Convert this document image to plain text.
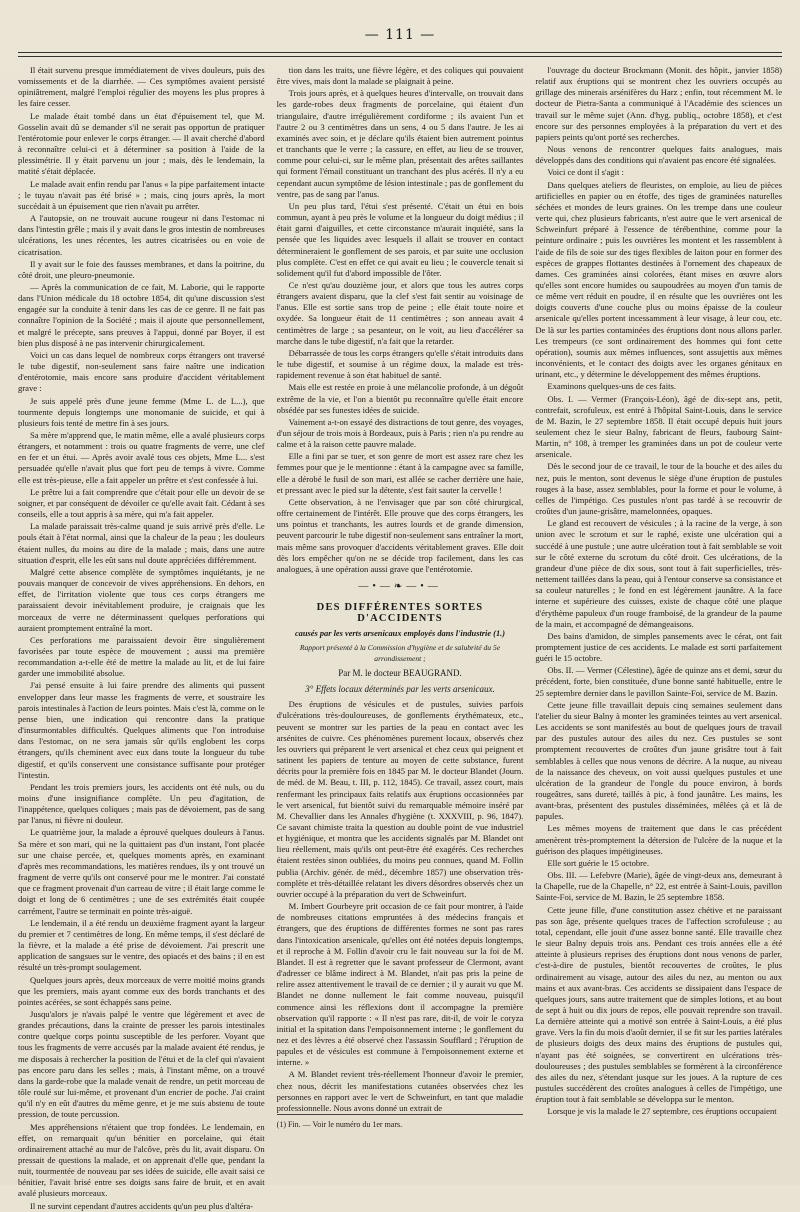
— 111 —

Il était survenu presque immédiatement de vives douleurs, puis des vomissements et de la diarrhée. — Ces symptômes avaient persisté opiniâtrement, malgré l'emploi régulier des moyens les plus propres à les faire cesser.

Le malade était tombé dans un état d'épuisement tel, que M. Gosselin avait dû se demander s'il ne serait pas opportun de pratiquer l'entérotomie pour enlever le corps étranger. — Il avait cherché d'abord à reconnaître celui-ci et à déterminer sa position à l'aide de la plessimétrie. Il y était parvenu un jour ; mais, dès le lendemain, la matité s'était déplacée.

Le malade avait enfin rendu par l'anus « la pipe parfaitement intacte ; le tuyau n'avait pas été brisé » ; mais, cinq jours après, la mort succédait à un épuisement que rien n'avait pu arrêter.

A l'autopsie, on ne trouvait aucune rougeur ni dans l'estomac ni dans l'intestin grêle ; mais il y avait dans le gros intestin de nombreuses ulcérations, les unes récentes, les autres cicatrisées ou en voie de cicatrisation.

Il y avait sur le foie des fausses membranes, et dans la poitrine, du côté droit, une pleuro-pneumonie.

— Après la communication de ce fait, M. Laborie, qui le rapporte dans l'Union médicale du 18 octobre 1854, dit qu'une discussion s'est engagée sur la conduite à tenir dans les cas de ce genre. Il ne fait pas connaître l'opinion de la Société ; mais il ajoute que personnellement, et malgré le précepte, sans preuves à l'appui, donné par Boyer, il est bien plus disposé à ne pas intervenir chirurgicalement.

Voici un cas dans lequel de nombreux corps étrangers ont traversé le tube digestif, non-seulement sans faire naître une indication d'entérotomie, mais encore sans produire d'accident véritablement grave :

Je suis appelé près d'une jeune femme (Mme L. de L...), que tourmente depuis longtemps une monomanie de suicide, et qui à plusieurs fois tenté de mettre fin à ses jours.

Sa mère m'apprend que, le matin même, elle a avalé plusieurs corps étrangers, et notamment : trois ou quatre fragments de verre, une clef en fer et un étui. — Après avoir avalé tous ces objets, Mme L... s'est persuadée qu'elle n'avait plus que fort peu de temps à vivre. Comme elle est très-pieuse, elle a fait appeler un prêtre et s'est confessée à lui.

Le prêtre lui a fait comprendre que c'était pour elle un devoir de se soigner, et par conséquent de dévoiler ce qu'elle avait fait. Cédant à ses conseils, elle a tout appris à sa mère, qui m'a fait appeler.

La malade paraissait très-calme quand je suis arrivé près d'elle. Le pouls était à l'état normal, ainsi que la chaleur de la peau ; les douleurs étaient nulles, du moins au dire de la malade ; mais, dans une autre situation d'esprit, elle les eût sans nul doute appréciées différemment.

Malgré cette absence complète de symptômes inquiétants, je ne pouvais manquer de concevoir de vives appréhensions. En dehors, en effet, de l'irritation violente que tous ces corps étrangers me paraissaient devoir inévitablement produire, je craignais que les morceaux de verre ne déterminassent quelques perforations qui auraient promptement entraîné la mort.

Ces perforations me paraissaient devoir être singulièrement favorisées par toute espèce de mouvement ; aussi ma première recommandation a-t-elle été de mettre la malade au lit, et de lui faire garder une immobilité absolue.

J'ai pensé ensuite à lui faire prendre des aliments qui pussent envelopper dans leur masse les fragments de verre, et soustraire les parois intestinales à l'action de leurs pointes. Mais c'est là, comme on le pense bien, une indication qui rencontre dans la pratique d'insurmontables difficultés. Quelques aliments que l'on introduise dans l'estomac, on ne sera jamais sûr qu'ils englobent les corps étrangers, qu'ils cheminent avec eux dans toute la longueur du tube digestif, et qu'ils conservent une consistance suffisante pour protéger l'intestin.

Pendant les trois premiers jours, les accidents ont été nuls, ou du moins d'une insignifiance complète. Un peu d'agitation, de l'inappétence, quelques coliques ; mais pas de dévoiement, pas de sang par l'anus, ni fièvre ni douleur.

Le quatrième jour, la malade a éprouvé quelques douleurs à l'anus. Sa mère et son mari, qui ne la quittaient pas d'un instant, l'ont placée sur une chaise percée, et, quelques moments après, en examinant d'après mes recommandations, les matières rendues, ils y ont trouvé un fragment de verre qu'ils ont conservé pour me le montrer. J'ai constaté que ce fragment provenait d'un carreau de vitre ; il était large comme le doigt et long de 6 centimètres ; une de ses extrémités était coupée carrément, l'autre se terminait en pointe très-aiguë.

Le lendemain, il a été rendu un deuxième fragment ayant la largeur du premier et 7 centimètres de long. En même temps, il s'est déclaré de la fièvre, et la malade a été prise de dévoiement. J'ai prescrit une application de sangsues sur le ventre, des opiacés et des bains ; il en est résulté un très-prompt soulagement.

Quelques jours après, deux morceaux de verre moitié moins grands que les premiers, mais ayant comme eux des bords tranchants et des pointes acérées, se sont échappés sans peine.

Jusqu'alors je n'avais palpé le ventre que légèrement et avec de grandes précautions, dans la crainte de presser les parois intestinales contre quelque corps pointu susceptible de les perforer. Voyant que tous les fragments de verre accusés par la malade avaient été rendus, je me disposais à rechercher la position de l'étui et de la clef qui n'avaient pas encore paru dans les selles ; mais, à l'instant même, on a trouvé dans la garde-robe que la malade venait de rendre, un petit morceau de tôle roulé sur lui-même, et provenant d'un encrier de poche. J'ai craint qu'il n'y en eût d'autres du même genre, et je me suis abstenu de toute pression, de toute percussion.

Mes appréhensions n'étaient que trop fondées. Le lendemain, en effet, on remarquait qu'un bénitier en porcelaine, qui était ordinairement attaché au mur de l'alcôve, près du lit, avait disparu. On pressait de questions la malade, et on apprenait d'elle que, pendant la nuit, tourmentée de nouveau par ses idées de suicide, elle avait saisi ce bénitier, l'avait brisé entre ses doigts sans faire de bruit, et en avait avalé plusieurs morceaux.

Il ne survint cependant d'autres accidents qu'un peu plus d'altéra-

tion dans les traits, une fièvre légère, et des coliques qui pouvaient être vives, mais dont la malade se plaignait à peine.

Trois jours après, et à quelques heures d'intervalle, on trouvait dans les garde-robes deux fragments de porcelaine, qui étaient d'un triangulaire, d'autre irrégulièrement cordiforme ; ils avaient l'un et l'autre 2 ou 3 centimètres dans un sens, 4 ou 5 dans l'autre. Je les ai examinés avec soin, et je déclare qu'ils étaient bien autrement pointus et tranchants que le verre ; la cassure, en effet, au lieu de se trouver, comme pour celui-ci, sur le même plan, présentait des arêtes saillantes qui forment l'émail constituant un tranchant des plus acérés. Il n'y a eu cependant aucun symptôme de lésion intestinale ; pas de gonflement du ventre, pas de sang par l'anus.

Un peu plus tard, l'étui s'est présenté. C'était un étui en bois commun, ayant à peu près le volume et la longueur du doigt médius ; il était garni d'aiguilles, et cette circonstance m'aurait inquiété, sans la pensée que les liquides avec lesquels il allait se trouver en contact détermineraient le gonflement de ses parois, et par suite une occlusion plus complète. C'est en effet ce qui avait eu lieu ; le couvercle tenait si solidement qu'il fut d'abord impossible de l'ôter.

Ce n'est qu'au douzième jour, et alors que tous les autres corps étrangers avaient disparu, que la clef s'est fait sentir au voisinage de l'anus. Elle est sortie sans trop de peine ; elle était toute noire et oxydée. Sa longueur était de 11 centimètres ; son anneau avait 4 centimètres de large ; sa pesanteur, on le voit, au lieu d'accélérer sa marche dans le tube digestif, n'a fait que la retarder.

Débarrassée de tous les corps étrangers qu'elle s'était introduits dans le tube digestif, et soumise à un régime doux, la malade est très-rapidement revenue à son état habituel de santé.

Mais elle est restée en proie à une mélancolie profonde, à un dégoût extrême de la vie, et l'on a bientôt pu reconnaître qu'elle était encore obsédée par ses funestes idées de suicide.

Vainement a-t-on essayé des distractions de tout genre, des voyages, d'un séjour de trois mois à Bordeaux, puis à Paris ; rien n'a pu rendre au calme et à la raison cette pauvre malade.

Elle a fini par se tuer, et son genre de mort est assez rare chez les femmes pour que je le mentionne : étant à la campagne avec sa famille, elle a dérobé le fusil de son mari, est allée se cacher derrière une haie, et pressant avec le pied sur la détente, s'est fait sauter la cervelle !

Cette observation, à ne l'envisager que par son côté chirurgical, offre certainement de l'intérêt. Elle prouve que des corps étrangers, les uns pointus et tranchants, les autres lourds et de grande dimension, peuvent parcourir le tube digestif non-seulement sans entraîner la mort, mais même sans provoquer d'accidents véritablement graves. Elle doit dès lors empêcher qu'on ne se décide trop facilement, dans les cas analogues, à une opération aussi grave que l'entérotomie.

—•—❧—•—
DES DIFFÉRENTES SORTES D'ACCIDENTS
causés par les verts arsenicaux employés dans l'industrie (1.)
Rapport présenté à la Commission d'hygiène et de salubrité du 5e arrondissement ;
Par M. le docteur BEAUGRAND.
3° Effets locaux déterminés par les verts arsenicaux.

Des éruptions de vésicules et de pustules, suivies parfois d'ulcérations très-douloureuses, de gonflements érythémateux, etc., peuvent se montrer sur les parties de la peau en contact avec les arsénites de cuivre. Ces phénomènes purement locaux, observés chez les ouvriers qui préparent le vert arsenical et chez ceux qui peignent et satinent les papiers de tenture au moyen de cette substance, furent décrits pour la première fois en 1845 par M. le docteur Blandet (Journ. de méd. de M. Beau, t. III, p. 112, 1845). Ce travail, assez court, mais renfermant les principaux faits relatifs aux éruptions occasionnées par le vert arsenical, fut bientôt suivi du remarquable mémoire inséré par M. Chevallier dans les Annales d'hygiène (t. XXXVIII, p. 96, 1847). Ce savant chimiste traita la question au double point de vue industriel et hygiénique, et montra que les accidents signalés par M. Blandet ont lieu réellement, mais qu'ils ont peut-être été exagérés. Ces recherches étaient restées sinon oubliées, du moins peu connues, quand M. Follin publia (Archiv. génér. de méd., décembre 1857) une observation très-complète et très-détaillée relatant les divers désordres observés chez un ouvrier occupé à la préparation du vert de Schweinfurt.

M. Imbert Gourbeyre prit occasion de ce fait pour montrer, à l'aide de nombreuses citations empruntées à des médecins français et étrangers, que des éruptions de différentes formes ne sont pas rares dans l'intoxication arsenicale, qu'elles ont été notées depuis longtemps, et il reproche à M. Follin d'avoir cru le fait nouveau sur la foi de M. Blandet. Il est à regretter que le savant professeur de Clermont, avant d'adresser ce blâme indirect à M. Blandet, n'ait pas pris la peine de relire assez attentivement le travail de ce dernier ; il y aurait vu que M. Blandet ne donne nullement le fait comme nouveau, puisqu'il commence ainsi les réflexions dont il accompagne la première observation qu'il rapporte : « Il n'est pas rare, dit-il, de voir le coryza initial et la spitation dans l'empoisonnement interne ; le gonflement du nez et des lèvres a été observé chez l'assassin Soufflard ; l'éruption de papules et de vésicules est commune à l'empoisonnement externe et interne. »

A M. Blandet revient très-réellement l'honneur d'avoir le premier, chez nous, décrit les manifestations cutanées observées chez les personnes en rapport avec le vert de Schweinfurt, en tant que maladie professionnelle. Nous avons donné un extrait de

(1) Fin. — Voir le numéro du 1er mars.

l'ouvrage du docteur Brockmann (Monit. des hôpit., janvier 1858) relatif aux éruptions qui se montrent chez les ouvriers occupés au grillage des minerais arsénifères du Harz ; enfin, tout récemment M. le docteur de Pietra-Santa a communiqué à l'Académie des sciences un travail sur le même sujet (Ann. d'hyg. publiq., octobre 1858), et c'est encore sur des personnes employées à la préparation du vert et des papiers peints qu'ont porté ses recherches.

Nous venons de rencontrer quelques faits analogues, mais développés dans des conditions qui n'avaient pas encore été signalées.

Voici ce dont il s'agit :

Dans quelques ateliers de fleuristes, on emploie, au lieu de pièces artificielles en papier ou en étoffe, des tiges de graminées naturelles séchées et mondes de leurs graines. On les trempe dans une couleur verte qui, chez plusieurs fabricants, n'est autre que le vert arsenical de Schweinfurt préparé à l'essence de térébenthine, comme pour la peinture ordinaire ; puis les ouvrières les montent et les rassemblent à l'aide de fils de soie sur des tiges flexibles de laiton pour en former des espèces de grappes flottantes destinées à l'ornement des chapeaux de dames. Ces graminées ainsi colorées, étant mises en œuvre alors qu'elles sont encore humides ou saupoudrées au moyen d'un tamis de ce même vert réduit en poudre, il en résulte que les ouvrières ont les doigts couverts d'une couche plus ou moins épaisse de la couleur arsenicale qu'elles portent incessamment à leur visage, à leur cou, etc. De là sur les parties contaminées des éruptions dont nous allons parler. Les trempeurs (ce sont ordinairement des hommes qui font cette opération), soumis aux mêmes influences, sont assujettis aux mêmes inconvénients, et le contact des doigts avec les organes génitaux en urinant, etc., y détermine le développement des mêmes éruptions.

Examinons quelques-uns de ces faits.

Obs. I. — Vermer (François-Léon), âgé de dix-sept ans, petit, contrefait, scrofuleux, est entré à l'hôpital Saint-Louis, dans le service de M. Bazin, le 27 septembre 1858. Il était occupé depuis huit jours seulement chez le sieur Balny, fabricant de fleurs, faubourg Saint-Martin, n° 108, à tremper les graminées dans un pot de couleur verte arsenicale.

Dès le second jour de ce travail, le tour de la bouche et des ailes du nez, puis le menton, sont devenus le siège d'une éruption de pustules rouges à la base, assez semblables, pour la forme et pour le volume, à celles de l'impétigo. Ces pustules n'ont pas tardé à se recouvrir de croûtes d'un jaune-grisâtre, mamelonnées, opaques.

Le gland est recouvert de vésicules ; à la racine de la verge, à son union avec le scrotum et sur le raphé, existe une ulcération qui a succédé à une pustule ; une autre ulcération tout à fait semblable se voit sur le côté externe du scrotum du côté droit. Ces ulcérations, de la grandeur d'une pièce de dix sous, sont tout à fait superficielles, très-nettement taillées dans la peau, qui à l'entour conserve sa consistance et sa couleur naturelles ; le fond en est légèrement jaunâtre. A la face interne et supérieure des cuisses, existe de chaque côté une plaque d'érythème papuleux d'un rouge framboisé, de la grandeur de la paume de la main, et accompagné de démangeaisons.

Des bains d'amidon, de simples pansements avec le cérat, ont fait promptement justice de ces accidents. Le malade est sorti parfaitement guéri le 15 octobre.

Obs. II. — Vermer (Célestine), âgée de quinze ans et demi, sœur du précédent, forte, bien constituée, d'une bonne santé habituelle, entre le 25 septembre dernier dans le pavillon Sainte-Foi, service de M. Bazin.

Cette jeune fille travaillait depuis cinq semaines seulement dans l'atelier du sieur Balny à monter les graminées teintes au vert arsenical. Les accidents se sont manifestés au bout de quelques jours de travail par des pustules autour des ailes du nez. Ces pustules se sont promptement recouvertes de croûtes d'un jaune grisâtre tout à fait semblables à celles que nous venons de décrire. A la nuque, au niveau de la naissance des cheveux, on voit aussi quelques pustules et une ulcération de la grandeur de l'ongle du pouce environ, à bords rougeâtres, sans dureté, taillés à pic, à fond jaunâtre. Les mains, les avant-bras, présentent des pustules disséminées, mêlées çà et là de papules.

Les mêmes moyens de traitement que dans le cas précédent amenèrent très-promptement la détersion de l'ulcère de la nuque et la guérison des plaques impétigineuses.

Elle sort guérie le 15 octobre.

Obs. III. — Lefebvre (Marie), âgée de vingt-deux ans, demeurant à la Chapelle, rue de la Chapelle, n° 22, est entrée à Saint-Louis, pavillon Sainte-Foi, service de M. Bazin, le 25 septembre 1858.

Cette jeune fille, d'une constitution assez chétive et ne paraissant pas son âge, présente quelques traces de l'affection scrofuleuse ; au total, cependant, elle jouit d'une assez bonne santé. Elle travaille chez le sieur Balny depuis trois ans. Pendant ces trois années elle a été atteinte à plusieurs reprises des éruptions dont nous venons de parler, c'est-à-dire de pustules, bientôt recouvertes de croûtes, le plus ordinairement au visage, autour des ailes du nez, au menton ou aux mains et aux avant-bras. Ces accidents se dissipaient dans l'espace de quelques jours, sans autre traitement que de simples lotions, et au bout de sept à huit ou dix jours de repos, elle pouvait reprendre son travail. La dernière atteinte qui a motivé son entrée à Saint-Louis, a été plus grave. Vers la fin du mois d'août dernier, il se fit sur les parties latérales de plusieurs doigts des deux mains des éruptions de pustules qui, n'ayant pas été soignées, se convertirent en ulcérations très-douloureuses ; des pustules semblables se formèrent à la circonférence des ailes du nez, s'étendant jusque sur les joues. A la rupture de ces pustules succédèrent des croûtes analogues à celles de l'impétigo, une éruption tout à fait semblable se développa sur le menton.

Lorsque je vis la malade le 27 septembre, ces éruptions occupaient
